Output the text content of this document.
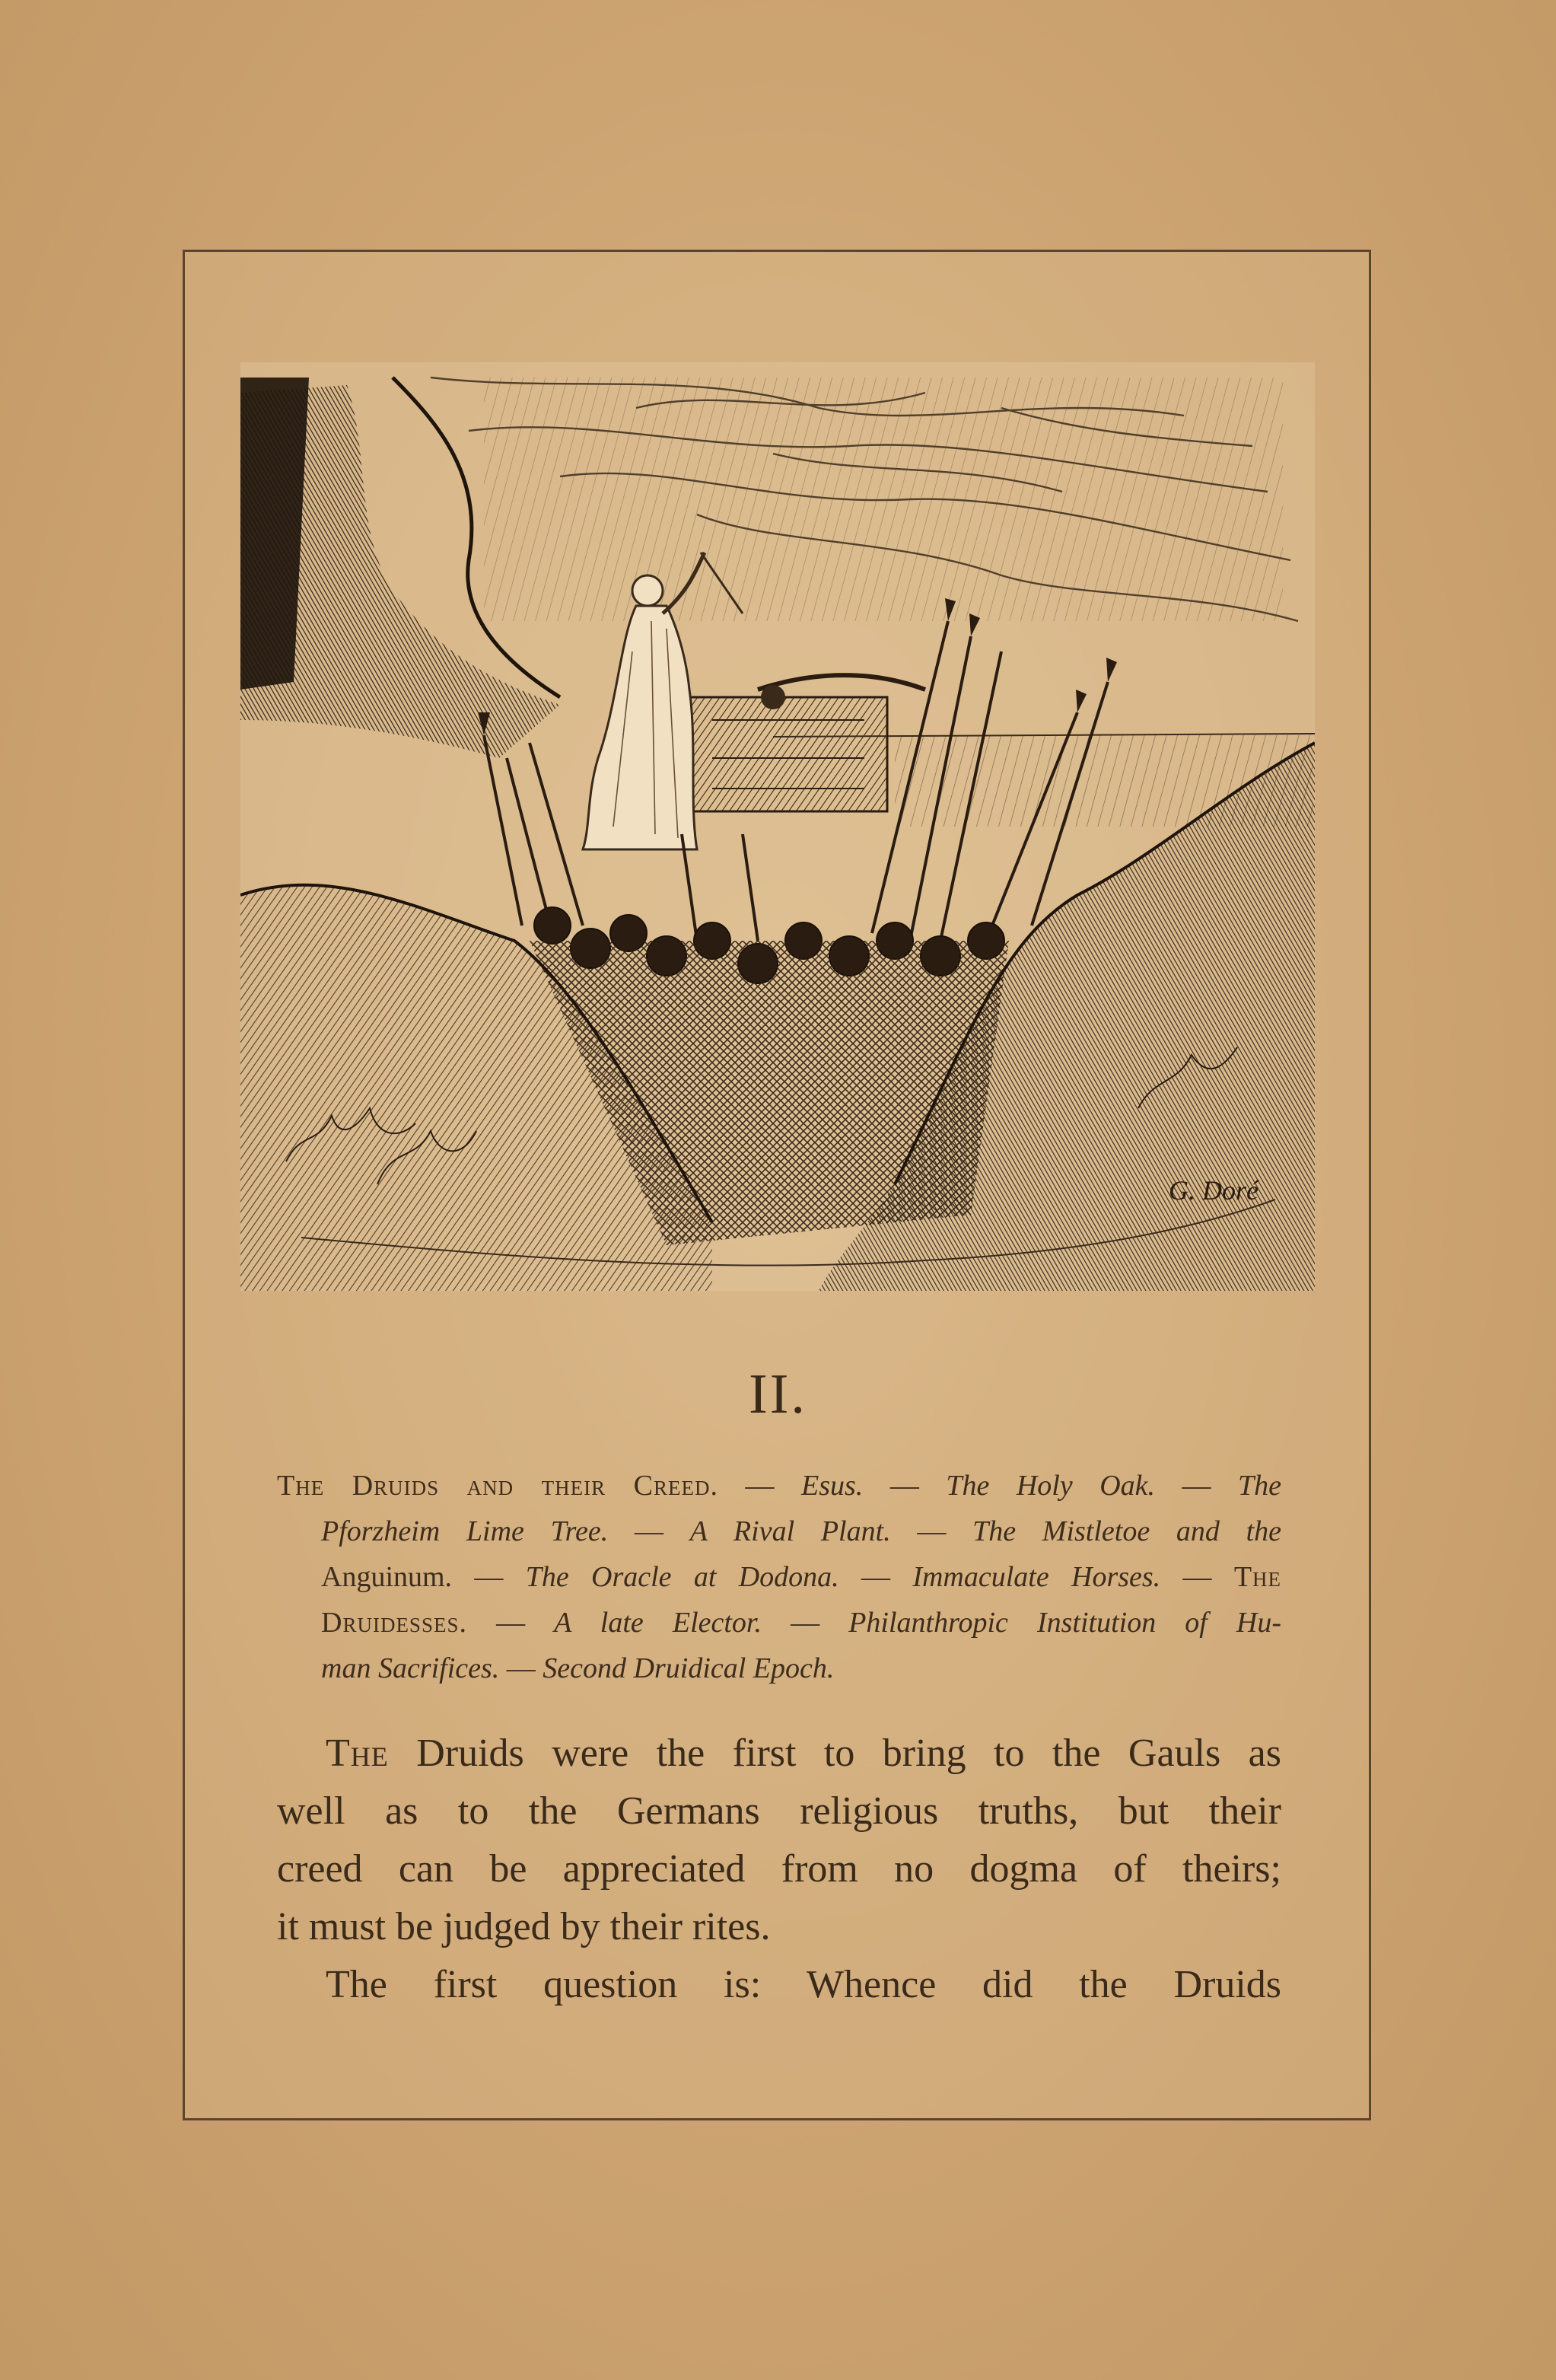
G. Doré
II.
The Druids and their Creed. — Esus. — The Holy Oak. — The
Pforzheim Lime Tree. — A Rival Plant. — The Mistletoe and the
Anguinum. — The Oracle at Dodona. — Immaculate Horses. — The
Druidesses. — A late Elector. — Philanthropic Institution of Hu-
man Sacrifices. — Second Druidical Epoch.
The Druids were the first to bring to the Gauls as
well as to the Germans religious truths, but their
creed can be appreciated from no dogma of theirs;
it must be judged by their rites.
The first question is: Whence did the Druids
